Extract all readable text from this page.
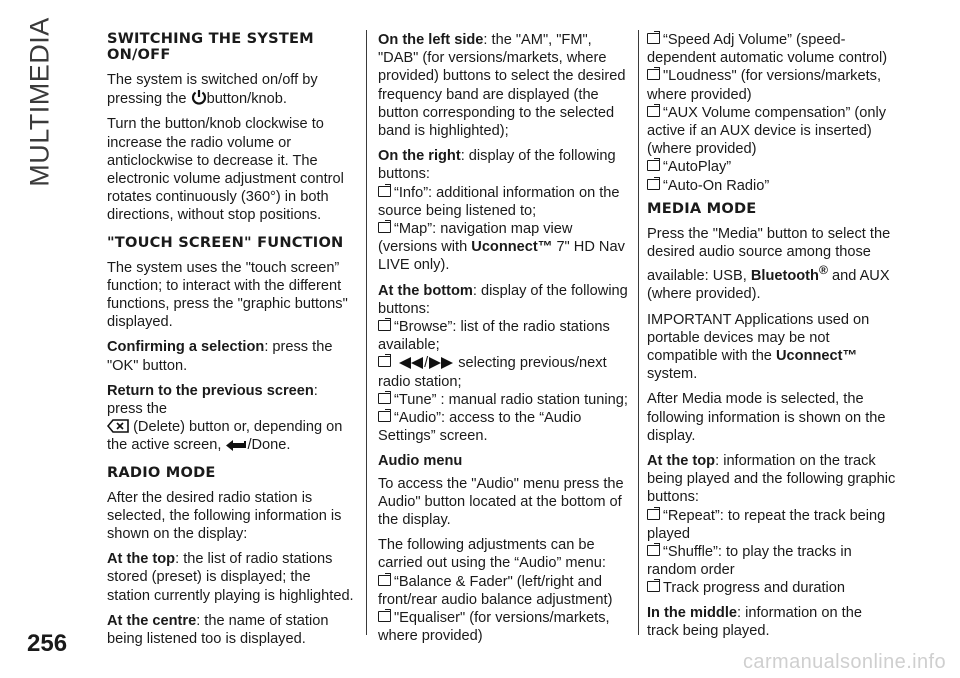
MULTIMEDIA	SWITCHING THE SYSTEM ON/OFF

The system is switched on/off by pressing the button/knob.

Turn the button/knob clockwise to increase the radio volume or anticlockwise to decrease it. The electronic volume adjustment control rotates continuously (360°) in both directions, without stop positions.

"TOUCH SCREEN" FUNCTION

The system uses the "touch screen” function; to interact with the different functions, press the "graphic buttons" displayed.

Confirming a selection: press the "OK" button.

Return to the previous screen: press the
(Delete) button or, depending on the active screen, /Done.

RADIO MODE

After the desired radio station is selected, the following information is shown on the display:

At the top: the list of radio stations stored (preset) is displayed; the station currently playing is highlighted.

At the centre: the name of station being listened too is displayed.

On the left side: the "AM", "FM", "DAB" (for versions/markets, where provided) buttons to select the desired frequency band are displayed (the button corresponding to the selected band is highlighted);

On the right: display of the following buttons:

“Info”: additional information on the source being listened to;
“Map”: navigation map view (versions with Uconnect™ 7" HD Nav LIVE only).

At the bottom: display of the following buttons:

“Browse”: list of the radio stations available;
/ selecting previous/next radio station;
“Tune” : manual radio station tuning;
“Audio”: access to the “Audio Settings” screen.
Audio menu

To access the "Audio" menu press the Audio" button located at the bottom of the display.

The following adjustments can be carried out using the “Audio” menu:

“Balance & Fader" (left/right and front/rear audio balance adjustment)
"Equaliser" (for versions/markets, where provided)
“Speed Adj Volume” (speed-dependent automatic volume control)
"Loudness" (for versions/markets, where provided)
“AUX Volume compensation” (only active if an AUX device is inserted) (where provided)
“AutoPlay”
“Auto-On Radio”
MEDIA MODE

Press the "Media" button to select the desired audio source among those available: USB, Bluetooth® and AUX (where provided).

IMPORTANT Applications used on portable devices may be not compatible with the Uconnect™ system.

After Media mode is selected, the following information is shown on the display.

At the top: information on the track being played and the following graphic buttons:

“Repeat”: to repeat the track being played
“Shuffle”: to play the tracks in random order
Track progress and duration

In the middle: information on the track being played.

256
carmanualsonline.info
